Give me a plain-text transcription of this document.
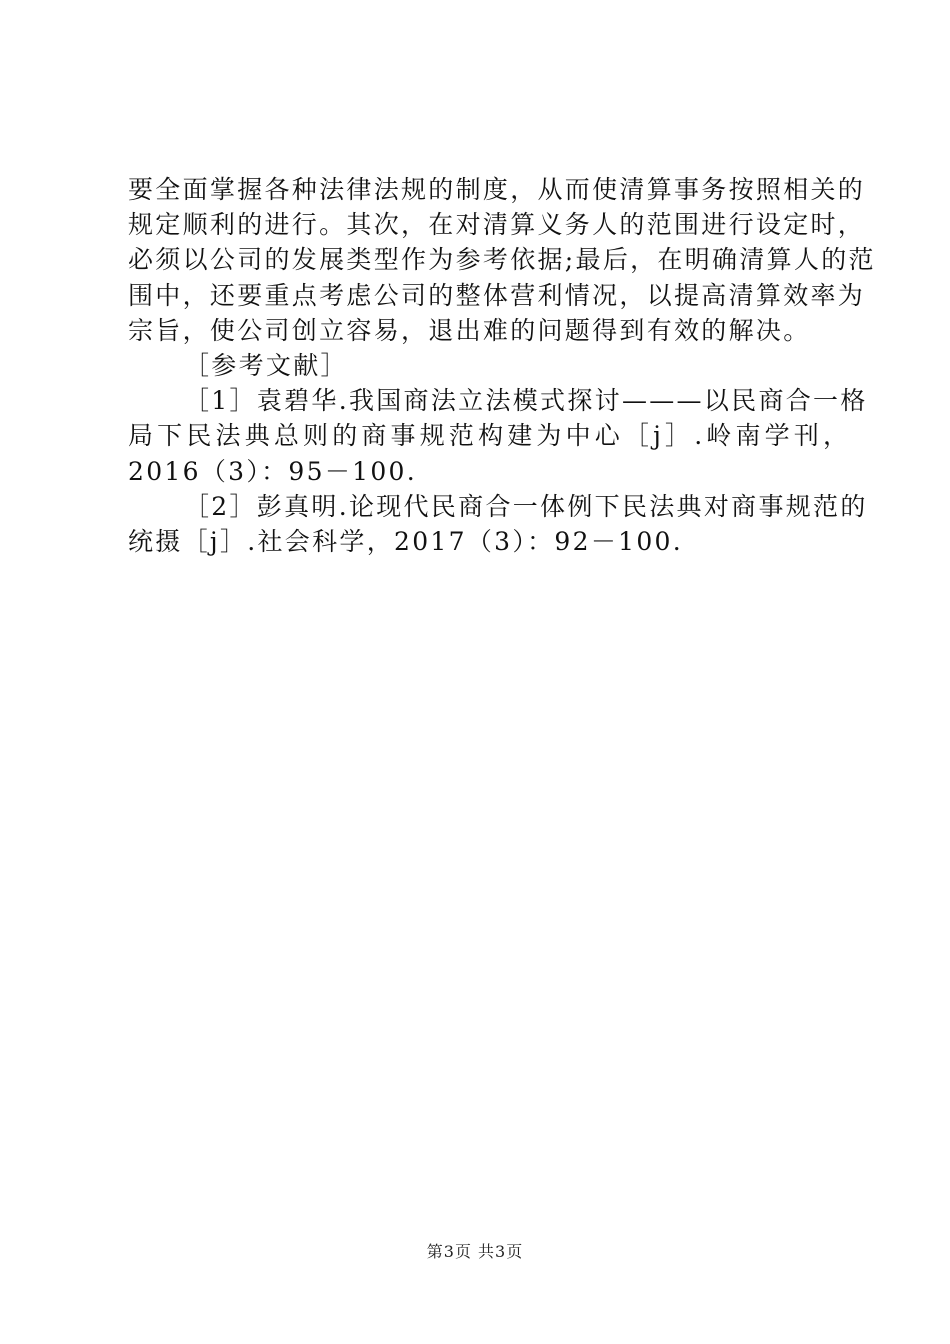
要全面掌握各种法律法规的制度，从而使清算事务按照相关的
规定顺利的进行。其次，在对清算义务人的范围进行设定时，
必须以公司的发展类型作为参考依据;最后，在明确清算人的范
围中，还要重点考虑公司的整体营利情况，以提高清算效率为
宗旨，使公司创立容易，退出难的问题得到有效的解决。
［参考文献］
［1］袁碧华.我国商法立法模式探讨———以民商合一格
局 下 民 法 典 总 则 的 商 事 规 范 构 建 为 中 心 ［ j ］ . 岭 南 学 刊 ，
2016（3）：95－100.
［2］彭真明.论现代民商合一体例下民法典对商事规范的
统摄［j］.社会科学，2017（3）：92－100.
第3页 共3页
